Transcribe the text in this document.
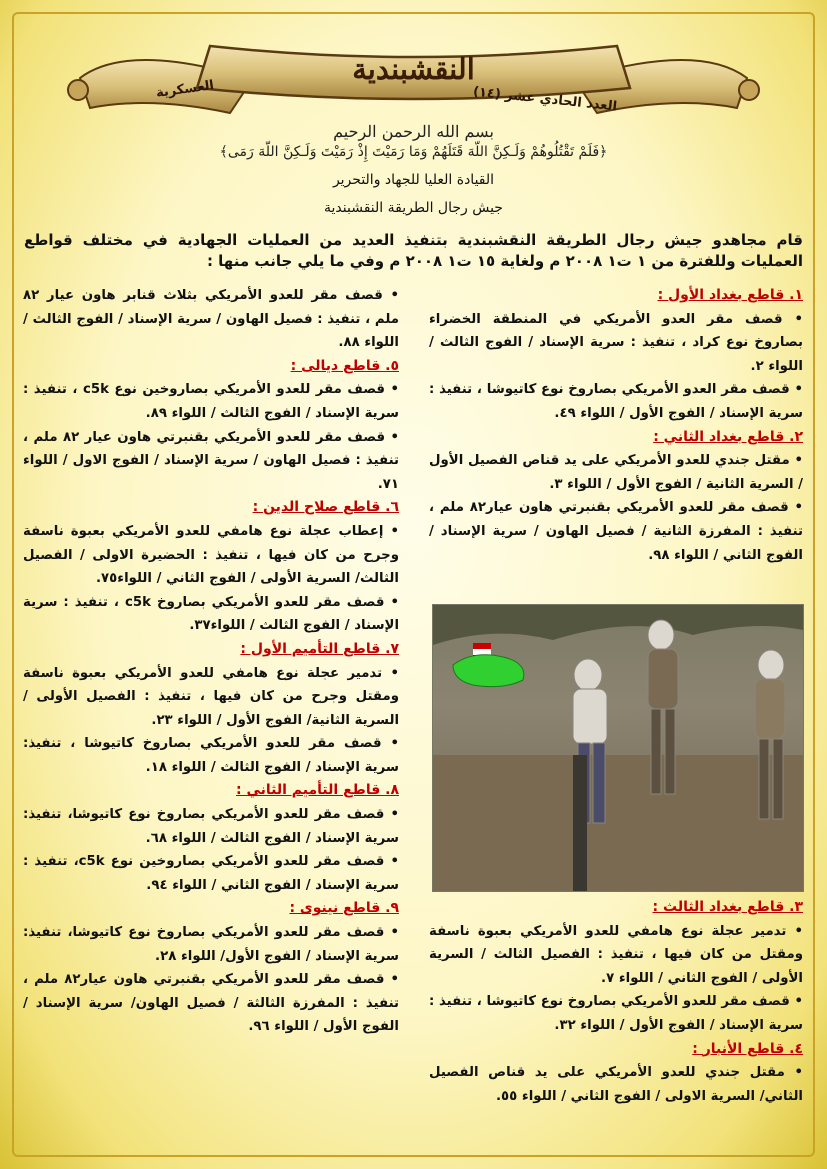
النقشبندية
العدد الحادي عشر (١٤)
العسكرية
بسم الله الرحمن الرحيم
﴿فَلَمْ تَقْتُلُوهُمْ وَلَـكِنَّ اللّهَ قَتَلَهُمْ وَمَا رَمَيْتَ إِذْ رَمَيْتَ وَلَـكِنَّ اللّهَ رَمَى﴾
القيادة العليا للجهاد والتحرير
جيش رجال الطريقة النقشبندية
قام مجاهدو جيش رجال الطريقة النقشبندية بتنفيذ العديد من العمليات الجهادية في مختلف قواطع العمليات وللفترة من ١ ت١ ٢٠٠٨ م ولغاية ١٥ ت١ ٢٠٠٨ م وفي ما يلي جانب منها :
١. قاطع بغداد الأول :
• قصف مقر العدو الأمريكي في المنطقة الخضراء بصاروخ نوع كراد ، تنفيذ : سرية الإسناد / الفوج الثالث / اللواء ٢.
• قصف مقر العدو الأمريكي بصاروخ نوع كاتيوشا ، تنفيذ : سرية الإسناد / الفوج الأول / اللواء ٤٩.
٢. قاطع بغداد الثاني :
• مقتل جندي للعدو الأمريكي على يد قناص الفصيل الأول / السرية الثانية / الفوج الأول / اللواء ٣.
• قصف مقر للعدو الأمريكي بقنبرتي هاون عيار٨٢ ملم ، تنفيذ : المفرزة الثانية / فصيل الهاون / سرية الإسناد / الفوج الثاني / اللواء ٩٨.
• قصف مقر للعدو الأمريكي بثلاث قنابر هاون عيار ٨٢ ملم ، تنفيذ : فصيل الهاون / سرية الإسناد / الفوج الثالث / اللواء ٨٨.
٥. قاطع ديالى :
• قصف مقر للعدو الأمريكي بصاروخين نوع c5k ، تنفيذ : سرية الإسناد / الفوج الثالث / اللواء ٨٩.
• قصف مقر للعدو الأمريكي بقنبرتي هاون عيار ٨٢ ملم ، تنفيذ : فصيل الهاون / سرية الإسناد / الفوج الاول / اللواء ٧١.
٦. قاطع صلاح الدين :
• إعطاب عجلة نوع هامفي للعدو الأمريكي بعبوة ناسفة وجرح من كان فيها ، تنفيذ : الحضيرة الاولى / الفصيل الثالث/ السرية الأولى / الفوج الثاني / اللواء٧٥.
• قصف مقر للعدو الأمريكي بصاروخ c5k ، تنفيذ : سرية الإسناد / الفوج الثالث / اللواء٣٧.
٧. قاطع التأميم الأول :
• تدمير عجلة نوع هامفي للعدو الأمريكي بعبوة ناسفة ومقتل وجرح من كان فيها ، تنفيذ : الفصيل الأولى / السرية الثانية/ الفوج الأول / اللواء ٢٣.
• قصف مقر للعدو الأمريكي بصاروخ كاتيوشا ، تنفيذ: سرية الإسناد / الفوج الثالث / اللواء ١٨.
٨. قاطع التأميم الثاني :
• قصف مقر للعدو الأمريكي بصاروخ نوع كاتيوشا، تنفيذ: سرية الإسناد / الفوج الثالث / اللواء ٦٨.
• قصف مقر للعدو الأمريكي بصاروخين نوع c5k، تنفيذ : سرية الإسناد / الفوج الثاني / اللواء ٩٤.
٩. قاطع نينوى :
• قصف مقر للعدو الأمريكي بصاروخ نوع كاتيوشا، تنفيذ: سرية الإسناد / الفوج الأول/ اللواء ٢٨.
• قصف مقر للعدو الأمريكي بقنبرتي هاون عيار٨٢ ملم ، تنفيذ : المفرزة الثالثة / فصيل الهاون/ سرية الإسناد / الفوج الأول / اللواء ٩٦.
٣. قاطع بغداد الثالث :
• تدمير عجلة نوع هامفي للعدو الأمريكي بعبوة ناسفة ومقتل من كان فيها ، تنفيذ : الفصيل الثالث / السرية الأولى / الفوج الثاني / اللواء ٧.
• قصف مقر للعدو الأمريكي بصاروخ نوع كاتيوشا ، تنفيذ : سرية الإسناد / الفوج الأول / اللواء ٣٢.
٤. قاطع الأنبار :
• مقتل جندي للعدو الأمريكي على يد قناص الفصيل الثاني/ السرية الاولى / الفوج الثاني / اللواء ٥٥.
